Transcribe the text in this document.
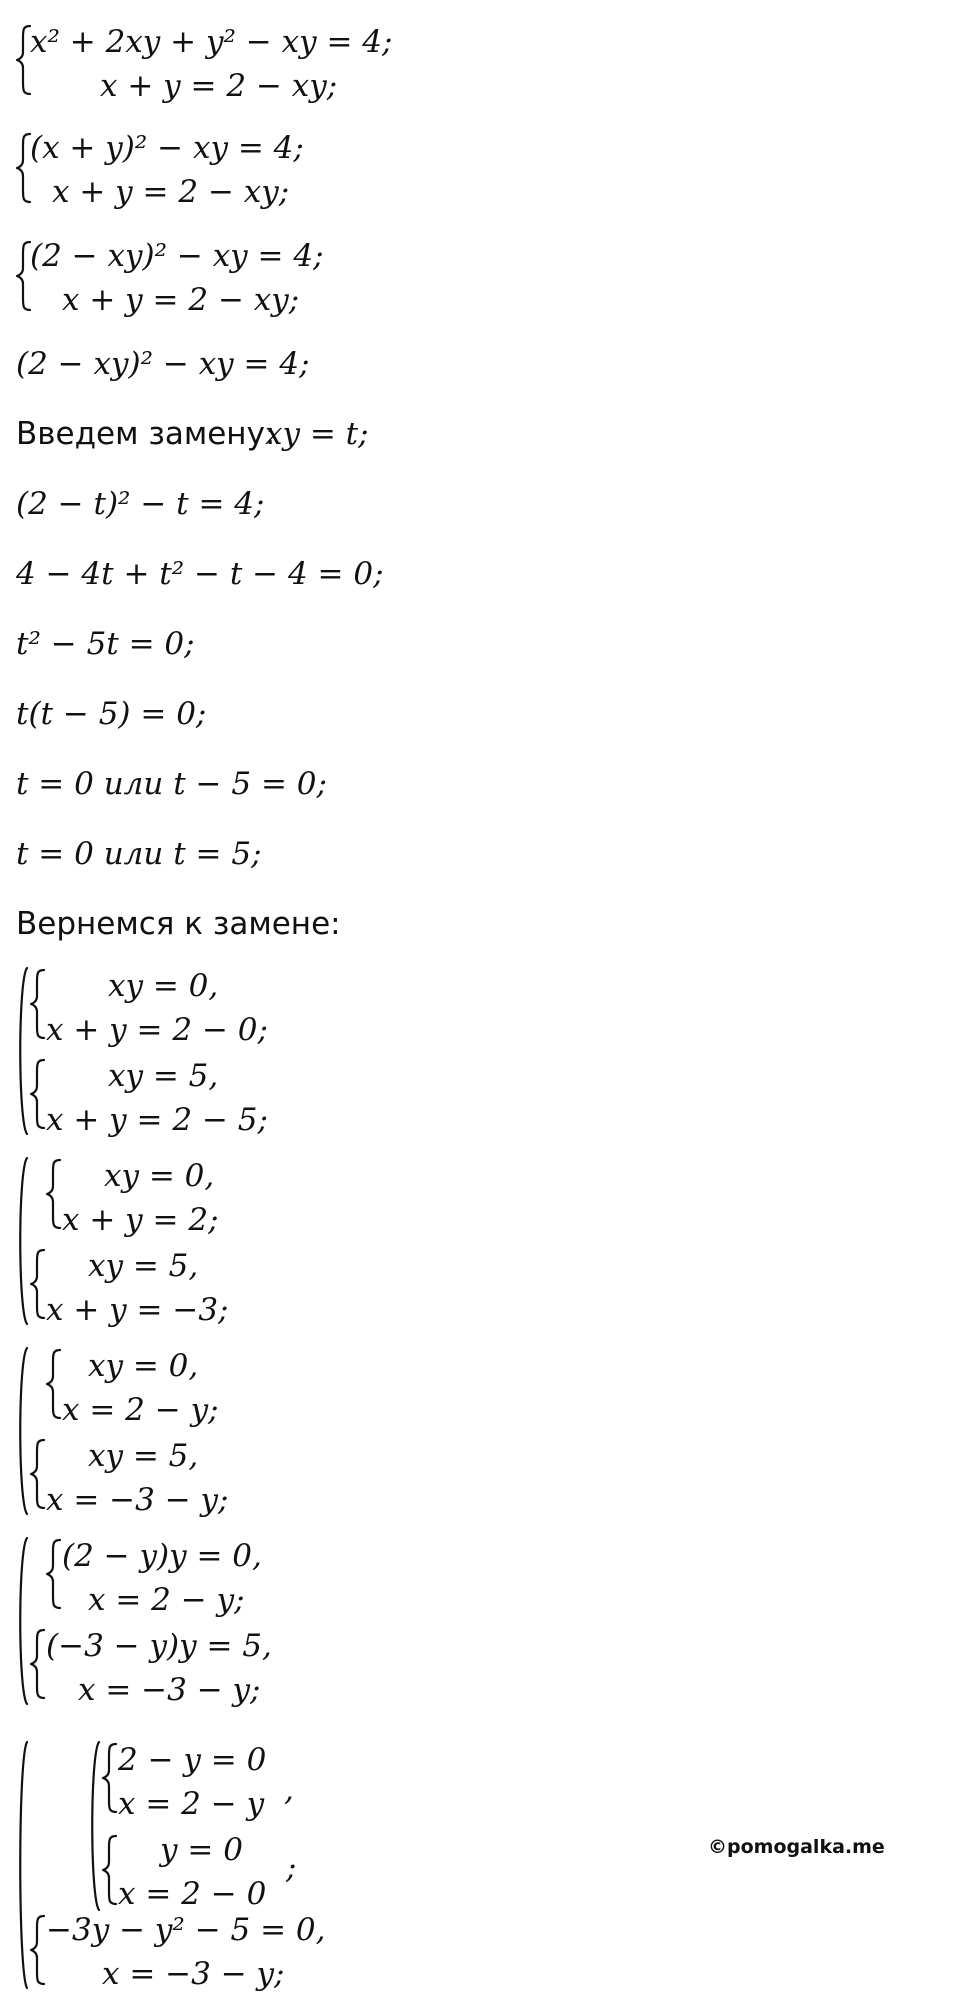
x² + 2xy + y² − xy = 4;
x + y = 2 − xy;
(x + y)² − xy = 4;
x + y = 2 − xy;
(2 − xy)² − xy = 4;
x + y = 2 − xy;
(2 − xy)² − xy = 4;
Введем замену:
xy = t;
(2 − t)² − t = 4;
4 − 4t + t² − t − 4 = 0;
t² − 5t = 0;
t(t − 5) = 0;
t = 0 или t − 5 = 0;
t = 0 или t = 5;
Вернемся к замене:
xy = 0,
x + y = 2 − 0;
xy = 5,
x + y = 2 − 5;
xy = 0,
x + y = 2;
xy = 5,
x + y = −3;
xy = 0,
x = 2 − y;
xy = 5,
x = −3 − y;
(2 − y)y = 0,
x = 2 − y;
(−3 − y)y = 5,
x = −3 − y;
2 − y = 0
x = 2 − y ,
y = 0
x = 2 − 0
;
−3y − y² − 5 = 0,
x = −3 − y;
©pomogalka.me
